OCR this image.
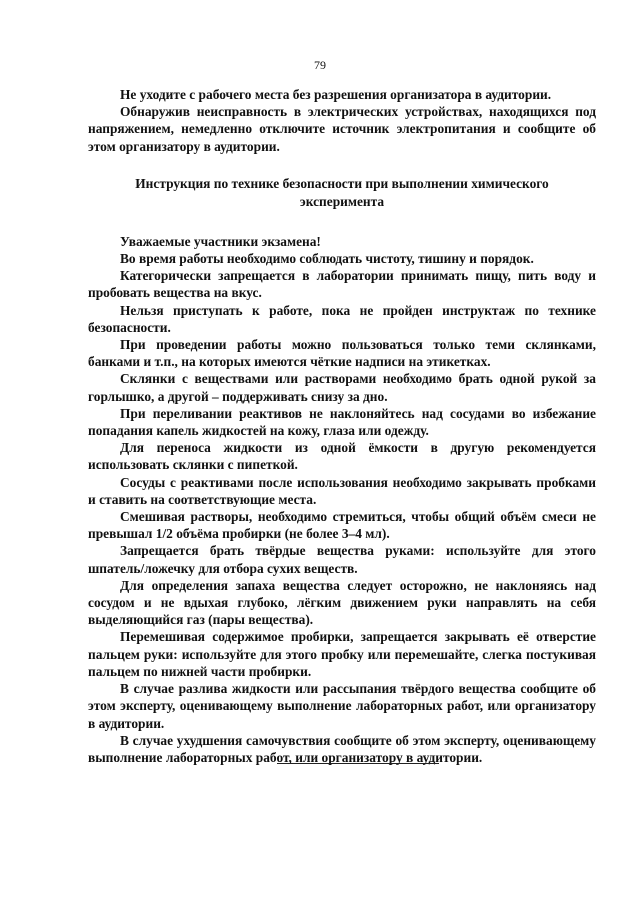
79

Не уходите с рабочего места без разрешения организатора в аудитории.

Обнаружив неисправность в электрических устройствах, находящихся под напряжением, немедленно отключите источник электропитания и сообщите об этом организатору в аудитории.

Инструкция по технике безопасности при выполнении химического эксперимента

Уважаемые участники экзамена!

Во время работы необходимо соблюдать чистоту, тишину и порядок.

Категорически запрещается в лаборатории принимать пищу, пить воду и пробовать вещества на вкус.

Нельзя приступать к работе, пока не пройден инструктаж по технике безопасности.

При проведении работы можно пользоваться только теми склянками, банками и т.п., на которых имеются чёткие надписи на этикетках.

Склянки с веществами или растворами необходимо брать одной рукой за горлышко, а другой – поддерживать снизу за дно.

При переливании реактивов не наклоняйтесь над сосудами во избежание попадания капель жидкостей на кожу, глаза или одежду.

Для переноса жидкости из одной ёмкости в другую рекомендуется использовать склянки с пипеткой.

Сосуды с реактивами после использования необходимо закрывать пробками и ставить на соответствующие места.

Смешивая растворы, необходимо стремиться, чтобы общий объём смеси не превышал 1/2 объёма пробирки (не более 3–4 мл).

Запрещается брать твёрдые вещества руками: используйте для этого шпатель/ложечку для отбора сухих веществ.

Для определения запаха вещества следует осторожно, не наклоняясь над сосудом и не вдыхая глубоко, лёгким движением руки направлять на себя выделяющийся газ (пары вещества).

Перемешивая содержимое пробирки, запрещается закрывать её отверстие пальцем руки: используйте для этого пробку или перемешайте, слегка постукивая пальцем по нижней части пробирки.

В случае разлива жидкости или рассыпания твёрдого вещества сообщите об этом эксперту, оценивающему выполнение лабораторных работ, или организатору в аудитории.

В случае ухудшения самочувствия сообщите об этом эксперту, оценивающему выполнение лабораторных работ, или организатору в аудитории.
